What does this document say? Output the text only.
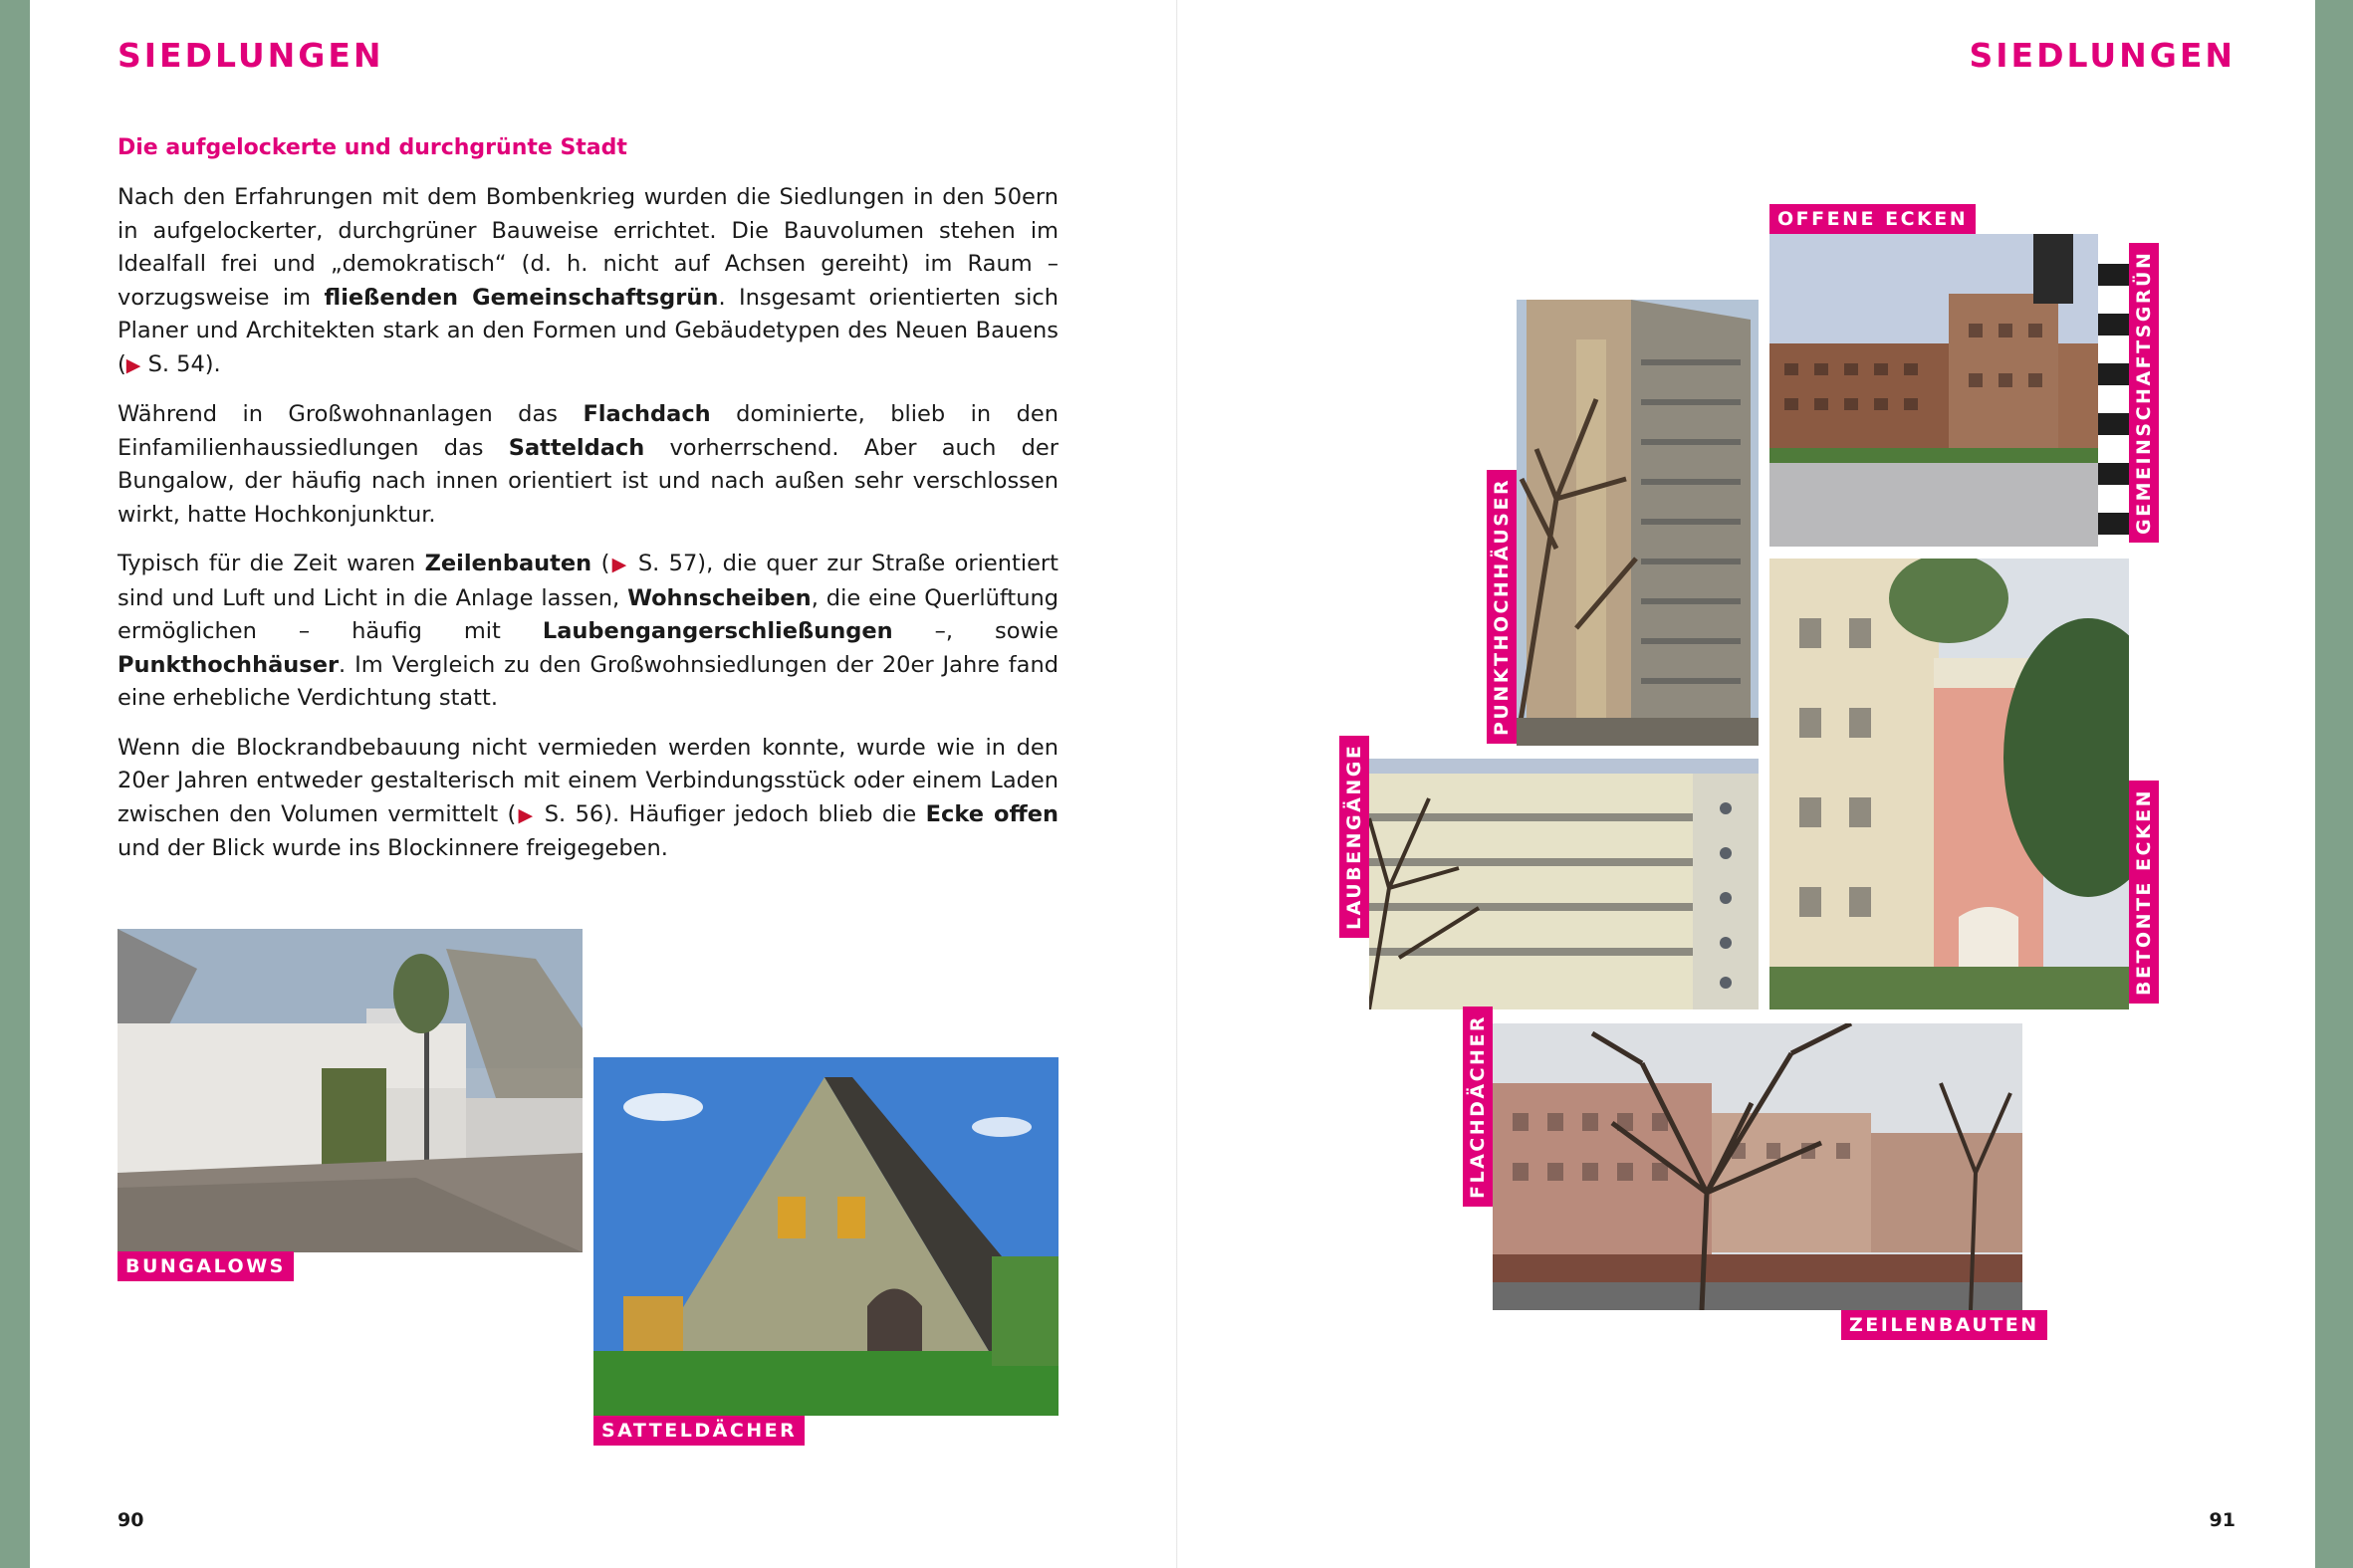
SIEDLUNGEN	SIEDLUNGEN
Die aufgelockerte und durchgrünte Stadt

Nach den Erfahrungen mit dem Bombenkrieg wurden die Siedlungen in den 50ern in aufgelockerter, durchgrüner Bauweise errichtet. Die Bauvolumen stehen im Idealfall frei und „demokratisch“ (d. h. nicht auf Achsen gereiht) im Raum – vorzugsweise im fließenden Gemeinschaftsgrün. Insgesamt orientierten sich Planer und Architekten stark an den Formen und Gebäudetypen des Neuen Bauens (▶ S. 54).

Während in Großwohnanlagen das Flachdach dominierte, blieb in den Einfamilienhaussiedlungen das Satteldach vorherrschend. Aber auch der Bungalow, der häufig nach innen orientiert ist und nach außen sehr verschlossen wirkt, hatte Hochkonjunktur.

Typisch für die Zeit waren Zeilenbauten (▶ S. 57), die quer zur Straße orientiert sind und Luft und Licht in die Anlage lassen, Wohnscheiben, die eine Querlüftung ermöglichen – häufig mit Laubengangerschließungen –, sowie Punkthochhäuser. Im Vergleich zu den Großwohnsiedlungen der 20er Jahre fand eine erhebliche Verdichtung statt.

Wenn die Blockrandbebauung nicht vermieden werden konnte, wurde wie in den 20er Jahren entweder gestalterisch mit einem Verbindungsstück oder einem Laden zwischen den Volumen vermittelt (▶ S. 56). Häufiger jedoch blieb die Ecke offen und der Blick wurde ins Blockinnere freigegeben.

BUNGALOWS
SATTELDÄCHER
90
OFFENE ECKEN
GEMEINSCHAFTSGRÜN
PUNKTHOCHHÄUSER
BETONTE ECKEN
LAUBENGÄNGE
FLACHDÄCHER
ZEILENBAUTEN
91
